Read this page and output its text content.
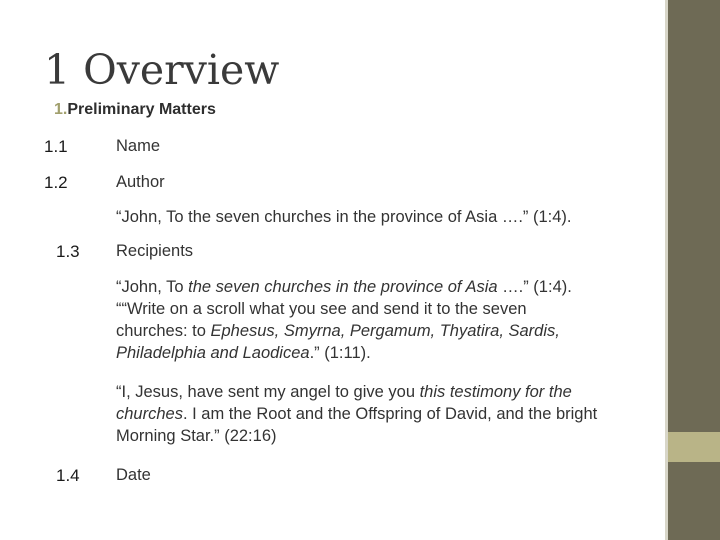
1 Overview
1.Preliminary Matters
1.1	Name
1.2	Author
“John, To the seven churches in the province of Asia ….” (1:4).
1.3 Recipients
“John, To the seven churches in the province of Asia ….” (1:4).
““Write on a scroll what you see and send it to the seven
churches: to Ephesus, Smyrna, Pergamum, Thyatira, Sardis,
Philadelphia and Laodicea.” (1:11).
“I, Jesus, have sent my angel to give you this testimony for the
churches. I am the Root and the Offspring of David, and the bright
Morning Star.” (22:16)
1.4 Date
